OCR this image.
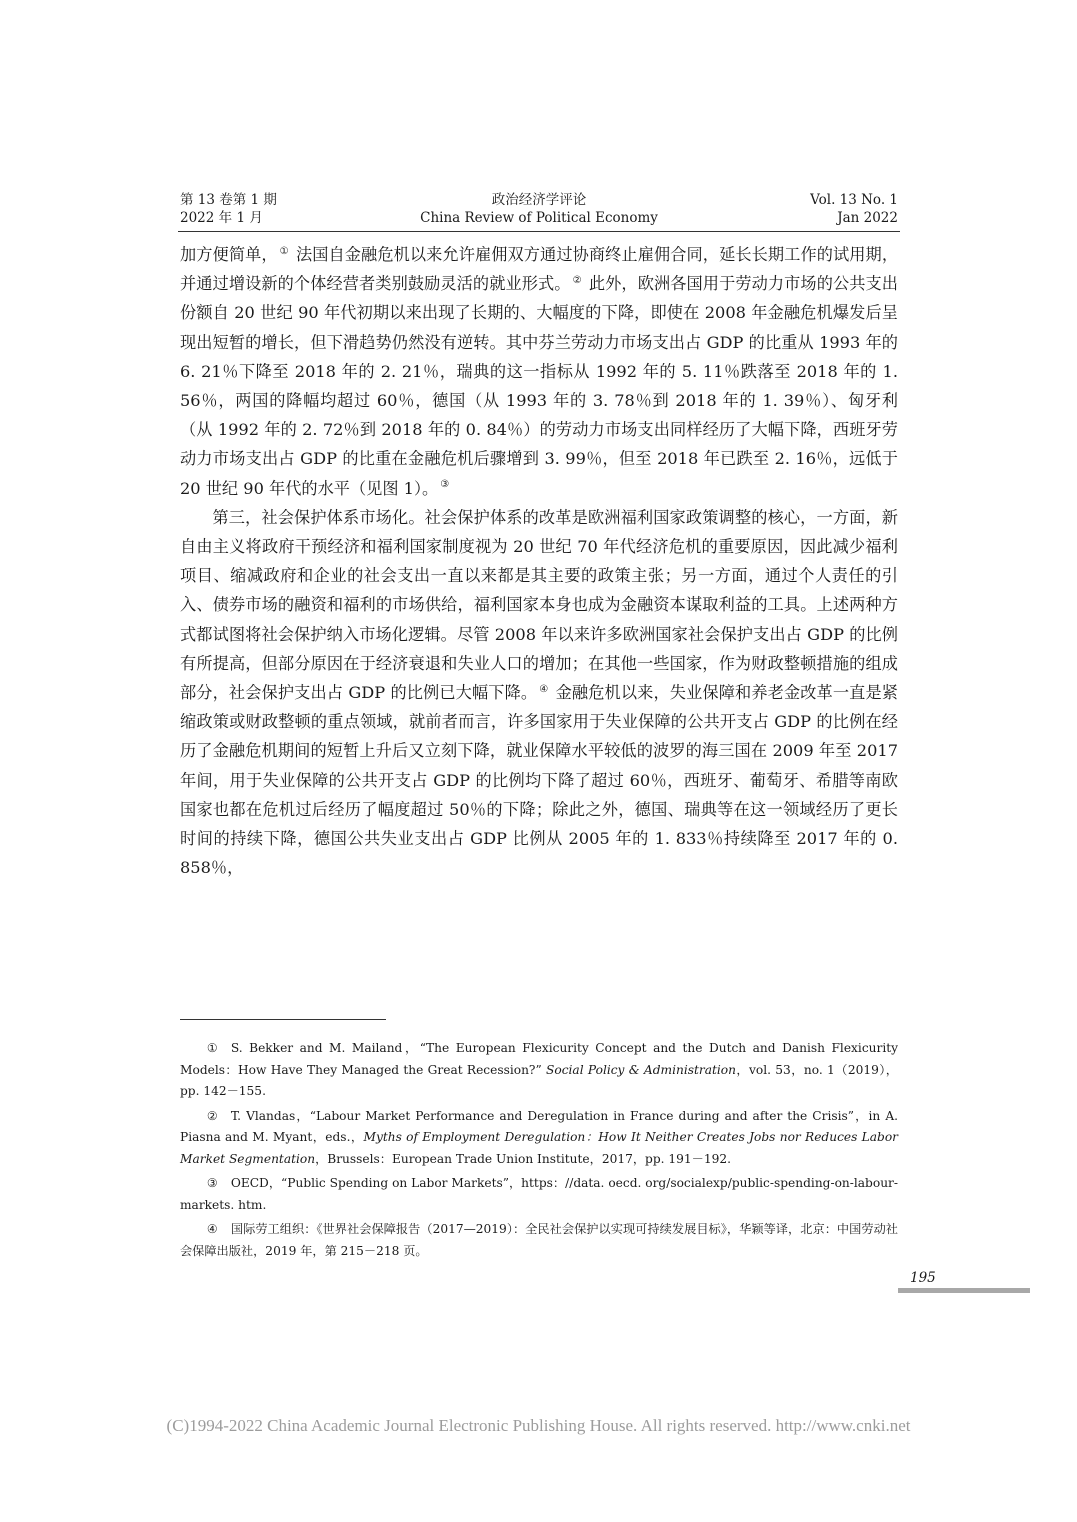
第 13 卷第 1 期
2022 年 1 月
政治经济学评论
China Review of Political Economy
Vol. 13 No. 1
Jan 2022

加方便简单， ① 法国自金融危机以来允许雇佣双方通过协商终止雇佣合同，延长长期工作的试用期，并通过增设新的个体经营者类别鼓励灵活的就业形式。 ② 此外，欧洲各国用于劳动力市场的公共支出份额自 20 世纪 90 年代初期以来出现了长期的、大幅度的下降，即使在 2008 年金融危机爆发后呈现出短暂的增长，但下滑趋势仍然没有逆转。其中芬兰劳动力市场支出占 GDP 的比重从 1993 年的 6. 21％下降至 2018 年的 2. 21％，瑞典的这一指标从 1992 年的 5. 11％跌落至 2018 年的 1. 56％，两国的降幅均超过 60％，德国（从 1993 年的 3. 78％到 2018 年的 1. 39％）、匈牙利（从 1992 年的 2. 72％到 2018 年的 0. 84％）的劳动力市场支出同样经历了大幅下降，西班牙劳动力市场支出占 GDP 的比重在金融危机后骤增到 3. 99％，但至 2018 年已跌至 2. 16％，远低于 20 世纪 90 年代的水平（见图 1）。 ③

第三，社会保护体系市场化。社会保护体系的改革是欧洲福利国家政策调整的核心，一方面，新自由主义将政府干预经济和福利国家制度视为 20 世纪 70 年代经济危机的重要原因，因此减少福利项目、缩减政府和企业的社会支出一直以来都是其主要的政策主张；另一方面，通过个人责任的引入、债券市场的融资和福利的市场供给，福利国家本身也成为金融资本谋取利益的工具。上述两种方式都试图将社会保护纳入市场化逻辑。尽管 2008 年以来许多欧洲国家社会保护支出占 GDP 的比例有所提高，但部分原因在于经济衰退和失业人口的增加；在其他一些国家，作为财政整顿措施的组成部分，社会保护支出占 GDP 的比例已大幅下降。 ④ 金融危机以来，失业保障和养老金改革一直是紧缩政策或财政整顿的重点领域，就前者而言，许多国家用于失业保障的公共开支占 GDP 的比例在经历了金融危机期间的短暂上升后又立刻下降，就业保障水平较低的波罗的海三国在 2009 年至 2017 年间，用于失业保障的公共开支占 GDP 的比例均下降了超过 60％，西班牙、葡萄牙、希腊等南欧国家也都在危机过后经历了幅度超过 50％的下降；除此之外，德国、瑞典等在这一领域经历了更长时间的持续下降，德国公共失业支出占 GDP 比例从 2005 年的 1. 833％持续降至 2017 年的 0. 858％，

① S. Bekker and M. Mailand，“The European Flexicurity Concept and the Dutch and Danish Flexicurity Models：How Have They Managed the Great Recession?” Social Policy & Administration，vol. 53，no. 1（2019），pp. 142－155.
② T. Vlandas，“Labour Market Performance and Deregulation in France during and after the Crisis”，in A. Piasna and M. Myant，eds.，Myths of Employment Deregulation：How It Neither Creates Jobs nor Reduces Labor Market Segmentation，Brussels：European Trade Union Institute，2017，pp. 191－192.
③ OECD，“Public Spending on Labor Markets”，https：//data. oecd. org/socialexp/public-spending-on-labour-markets. htm.
④ 国际劳工组织：《世界社会保障报告（2017—2019）：全民社会保护以实现可持续发展目标》，华颖等译，北京：中国劳动社会保障出版社，2019 年，第 215－218 页。
195
(C)1994-2022 China Academic Journal Electronic Publishing House. All rights reserved. http://www.cnki.net
